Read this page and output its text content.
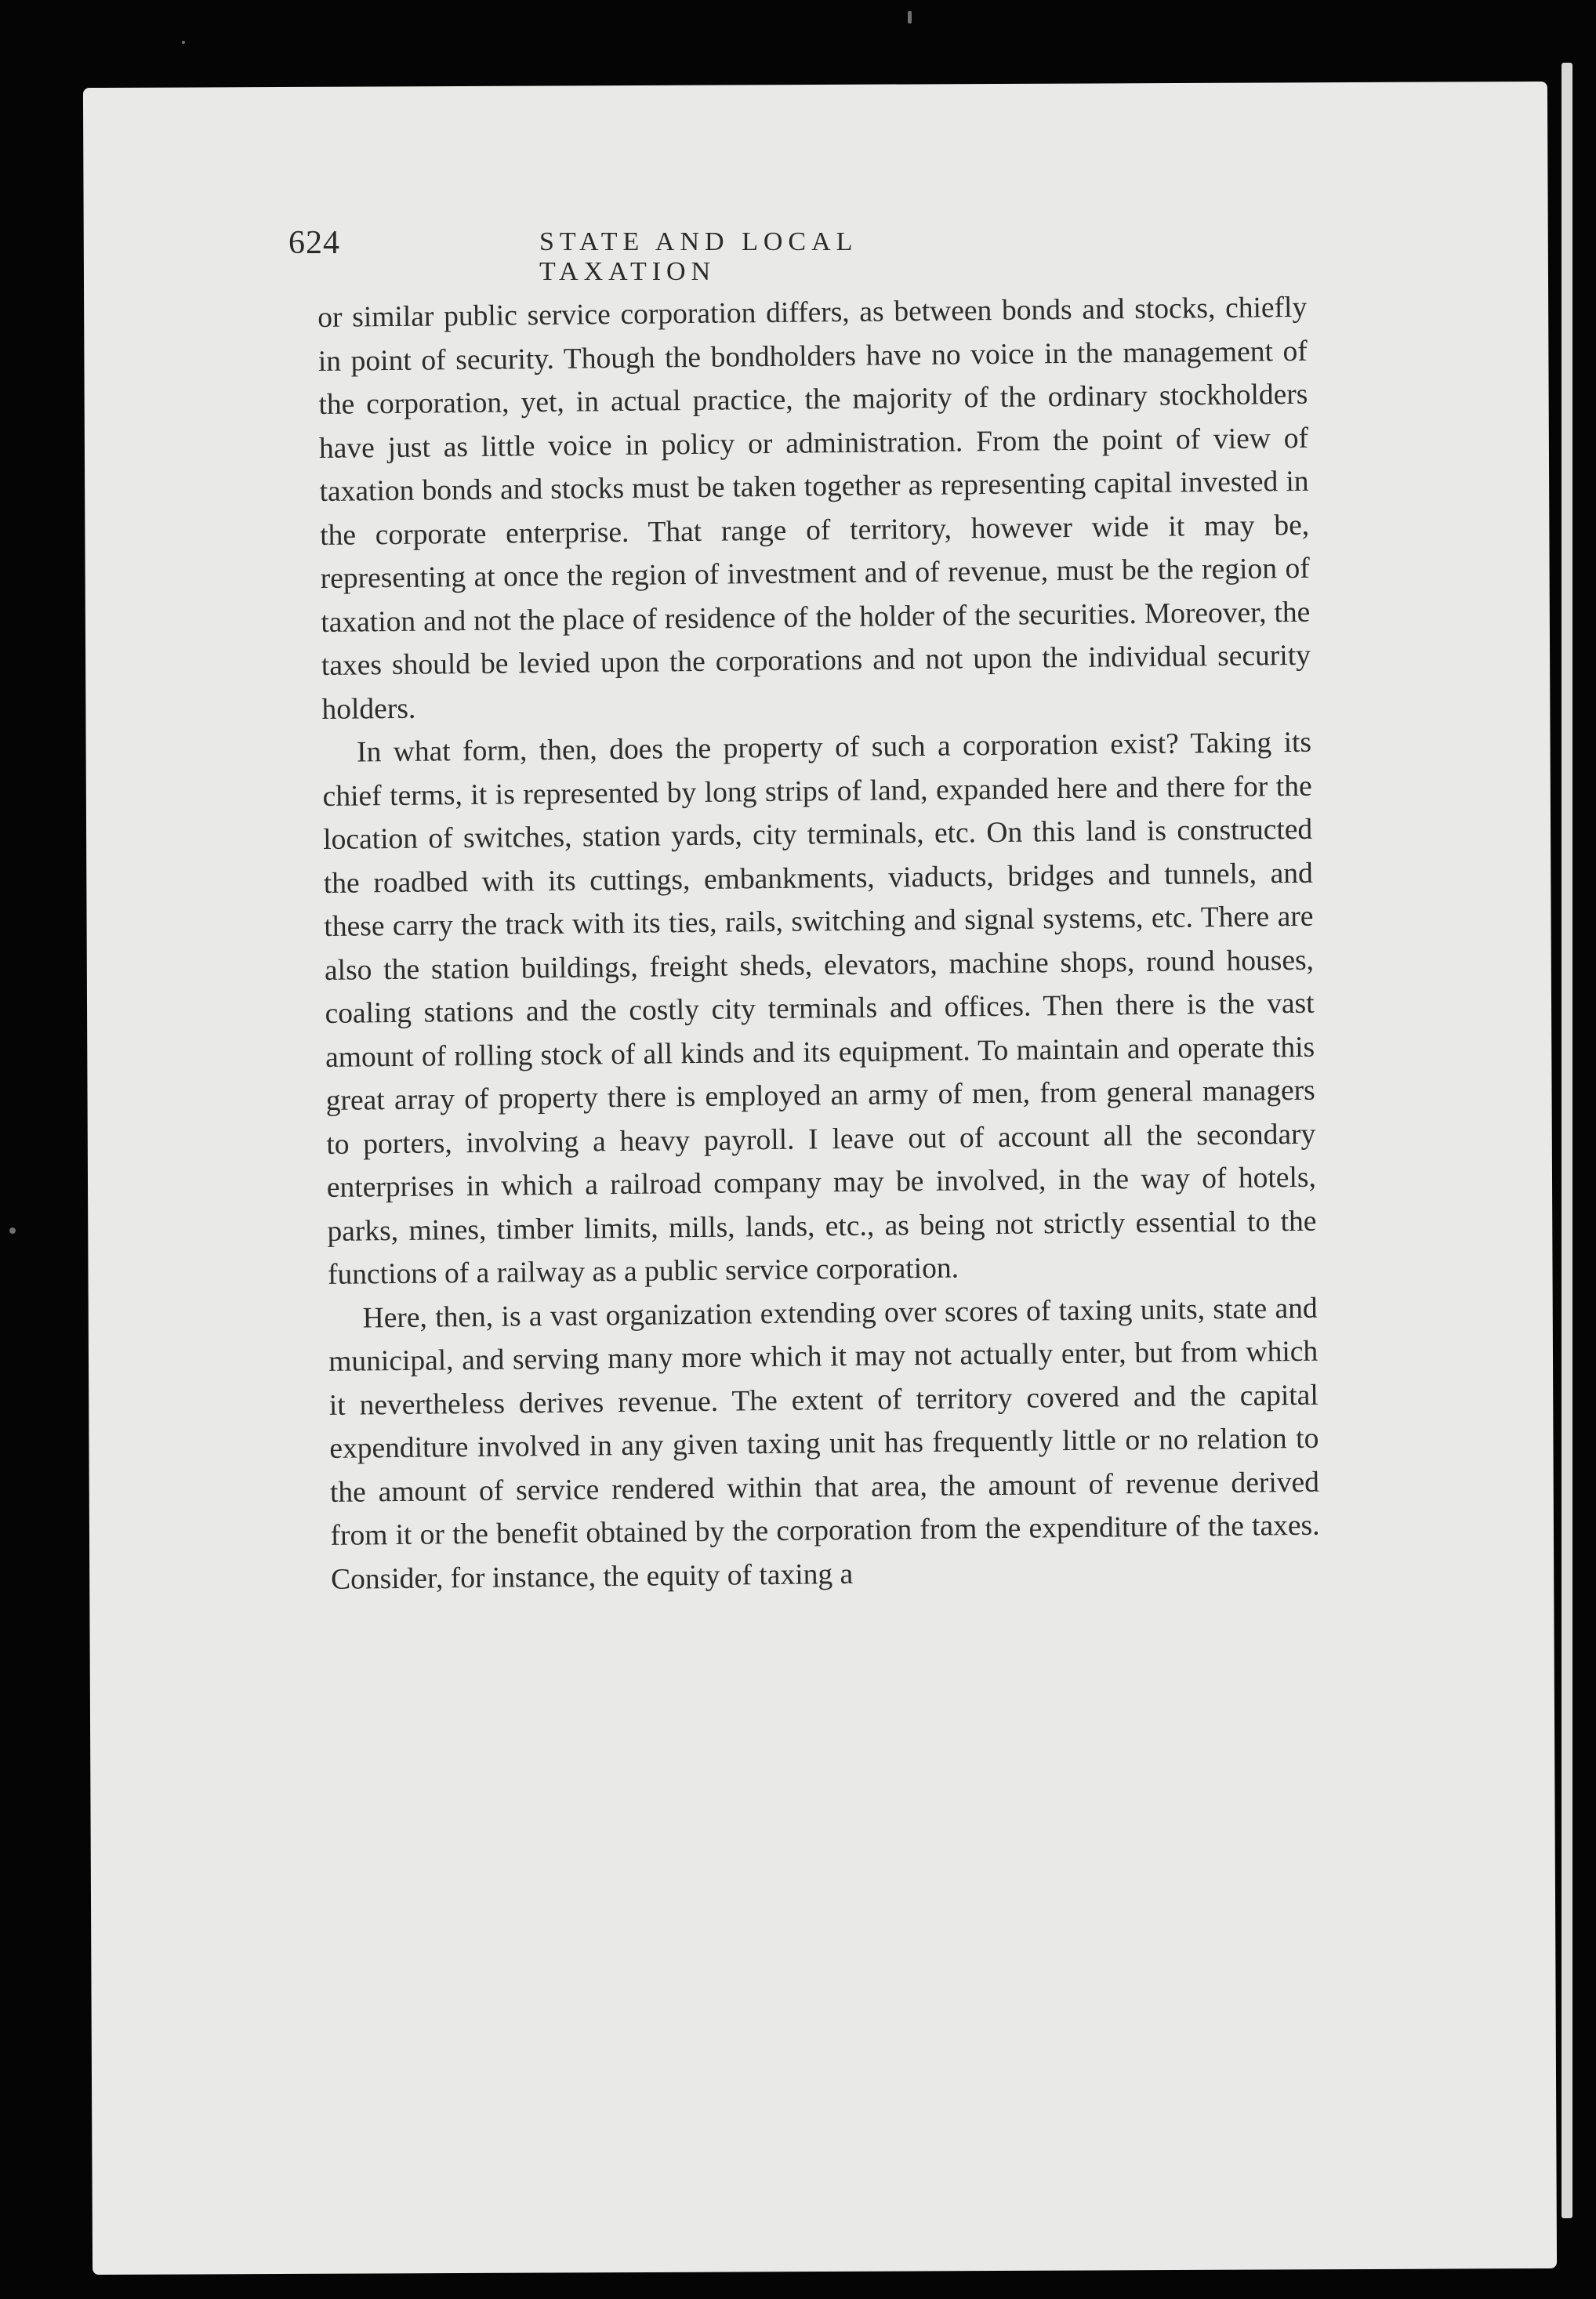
624	STATE AND LOCAL TAXATION

or similar public service corporation differs, as between bonds and stocks, chiefly in point of security. Though the bondholders have no voice in the management of the corporation, yet, in actual practice, the majority of the ordinary stockholders have just as little voice in policy or administration. From the point of view of taxation bonds and stocks must be taken together as representing capital invested in the corporate enterprise. That range of territory, however wide it may be, representing at once the region of investment and of revenue, must be the region of taxation and not the place of residence of the holder of the securities. Moreover, the taxes should be levied upon the corporations and not upon the individual security holders.

In what form, then, does the property of such a corporation exist? Taking its chief terms, it is represented by long strips of land, expanded here and there for the location of switches, station yards, city terminals, etc. On this land is constructed the roadbed with its cuttings, embankments, viaducts, bridges and tunnels, and these carry the track with its ties, rails, switching and signal systems, etc. There are also the station buildings, freight sheds, elevators, machine shops, round houses, coaling stations and the costly city terminals and offices. Then there is the vast amount of rolling stock of all kinds and its equipment. To maintain and operate this great array of property there is employed an army of men, from general managers to porters, involving a heavy payroll. I leave out of account all the secondary enterprises in which a railroad company may be involved, in the way of hotels, parks, mines, timber limits, mills, lands, etc., as being not strictly essential to the functions of a railway as a public service corporation.

Here, then, is a vast organization extending over scores of taxing units, state and municipal, and serving many more which it may not actually enter, but from which it nevertheless derives revenue. The extent of territory covered and the capital expenditure involved in any given taxing unit has frequently little or no relation to the amount of service rendered within that area, the amount of revenue derived from it or the benefit obtained by the corporation from the expenditure of the taxes. Consider, for instance, the equity of taxing a
